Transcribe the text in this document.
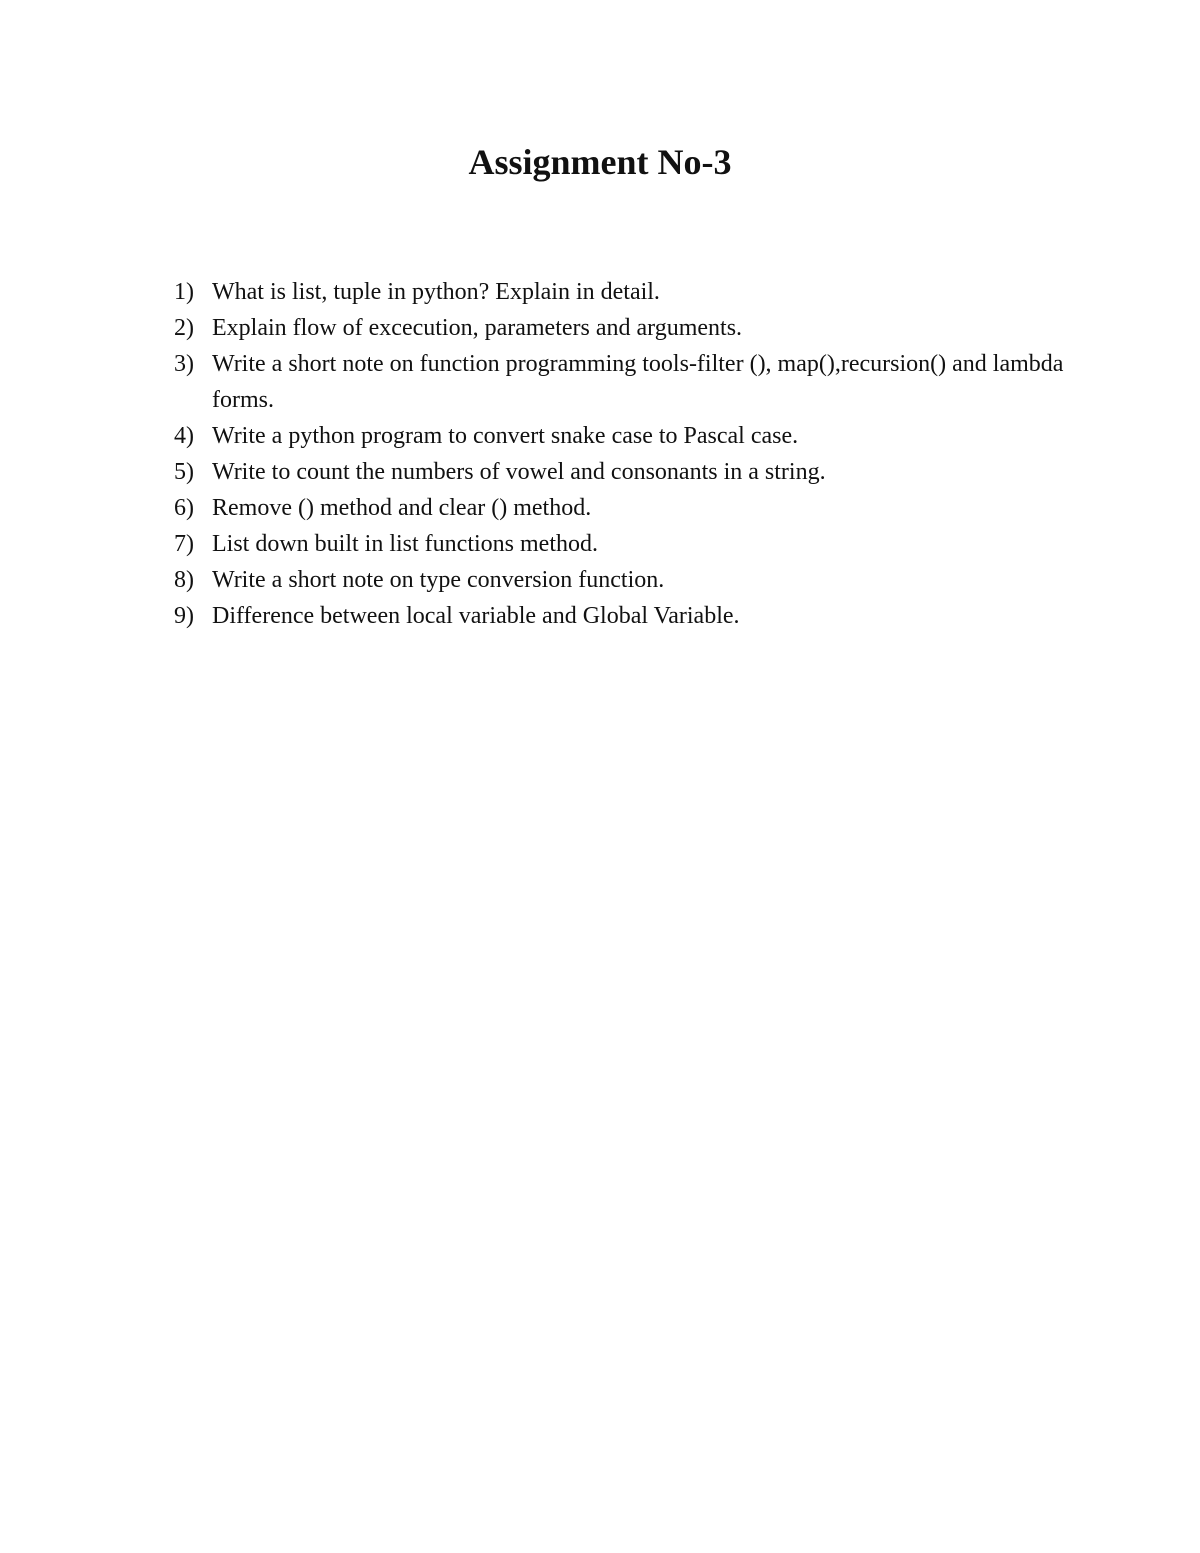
Assignment No-3
1) What is list, tuple in python? Explain in detail.
2) Explain flow of excecution, parameters and arguments.
3) Write a short note on function programming tools-filter (), map(),recursion() and lambda forms.
4) Write a python program to convert snake case to Pascal case.
5) Write to count the numbers of vowel and consonants in a string.
6) Remove () method and clear () method.
7) List down built in list functions method.
8) Write a short note on type conversion function.
9) Difference between local variable and Global Variable.
